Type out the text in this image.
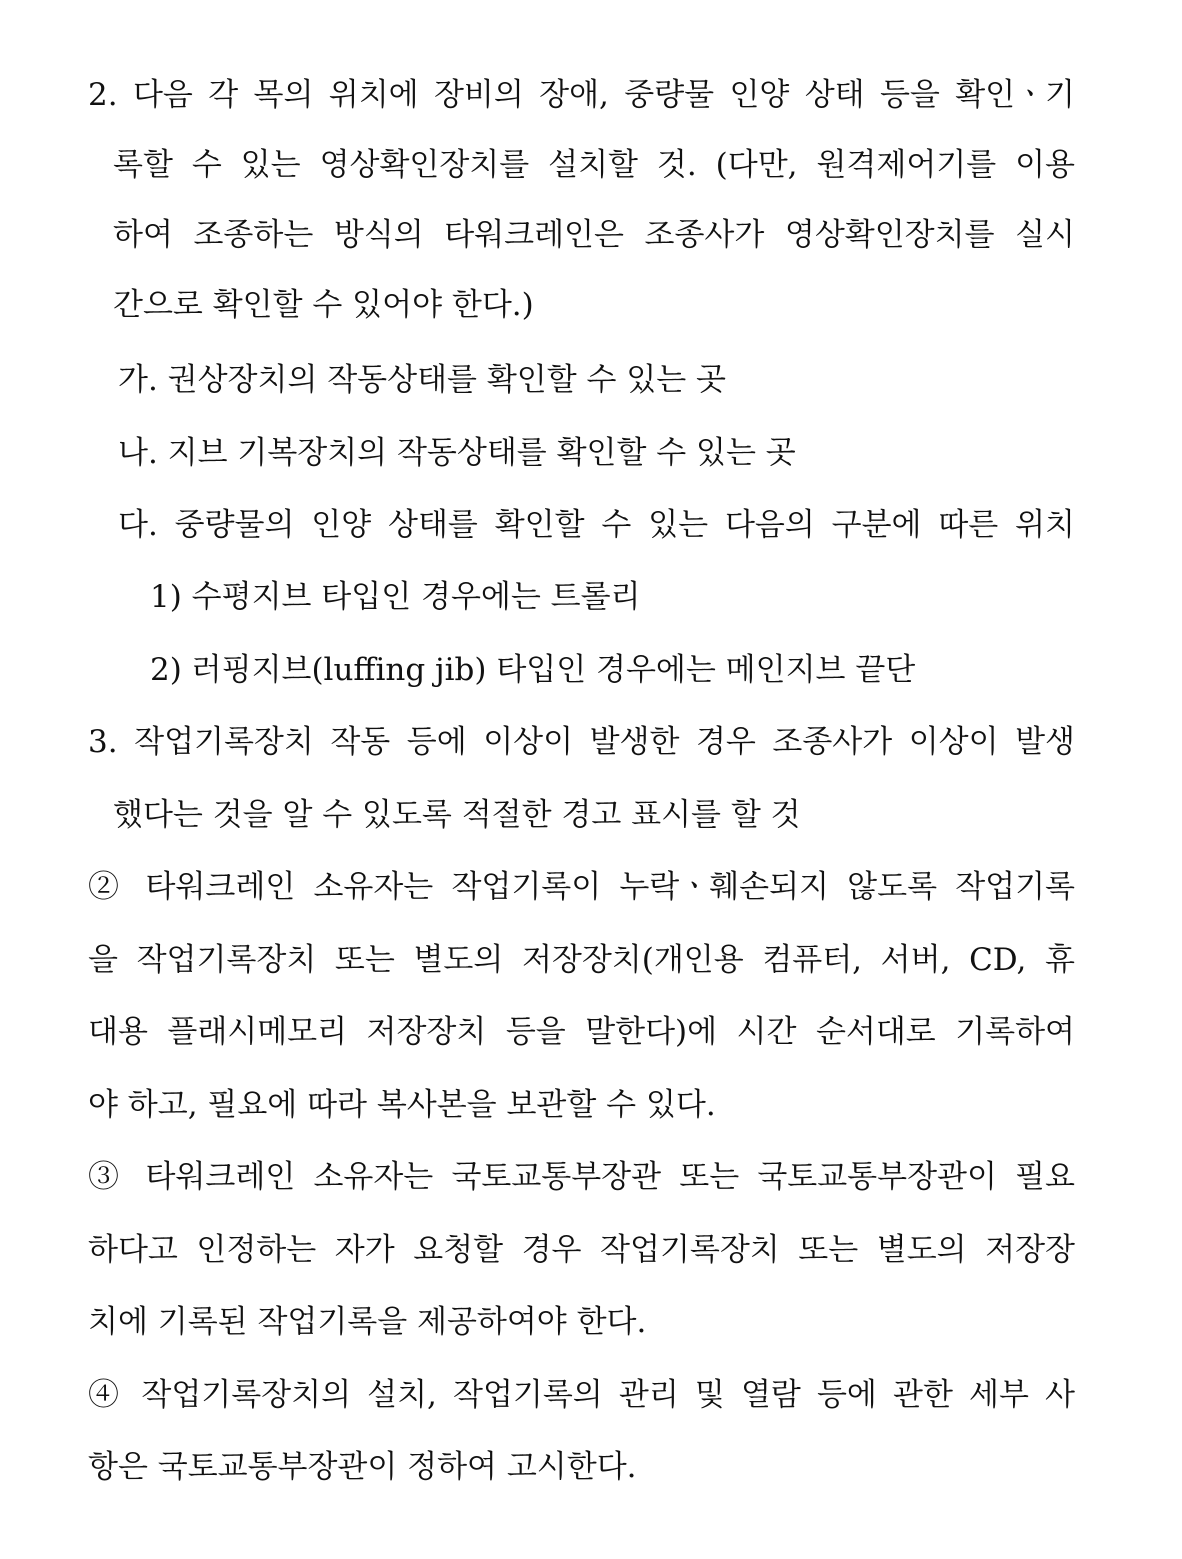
2. 다음 각 목의 위치에 장비의 장애, 중량물 인양 상태 등을 확인ㆍ기
록할 수 있는 영상확인장치를 설치할 것. (다만, 원격제어기를 이용
하여 조종하는 방식의 타워크레인은 조종사가 영상확인장치를 실시
간으로 확인할 수 있어야 한다.)
가. 권상장치의 작동상태를 확인할 수 있는 곳
나. 지브 기복장치의 작동상태를 확인할 수 있는 곳
다. 중량물의 인양 상태를 확인할 수 있는 다음의 구분에 따른 위치
1) 수평지브 타입인 경우에는 트롤리
2) 러핑지브(luffing jib) 타입인 경우에는 메인지브 끝단
3. 작업기록장치 작동 등에 이상이 발생한 경우 조종사가 이상이 발생
했다는 것을 알 수 있도록 적절한 경고 표시를 할 것
② 타워크레인 소유자는 작업기록이 누락ㆍ훼손되지 않도록 작업기록
을 작업기록장치 또는 별도의 저장장치(개인용 컴퓨터, 서버, CD, 휴
대용 플래시메모리 저장장치 등을 말한다)에 시간 순서대로 기록하여
야 하고, 필요에 따라 복사본을 보관할 수 있다.
③ 타워크레인 소유자는 국토교통부장관 또는 국토교통부장관이 필요
하다고 인정하는 자가 요청할 경우 작업기록장치 또는 별도의 저장장
치에 기록된 작업기록을 제공하여야 한다.
④ 작업기록장치의 설치, 작업기록의 관리 및 열람 등에 관한 세부 사
항은 국토교통부장관이 정하여 고시한다.
